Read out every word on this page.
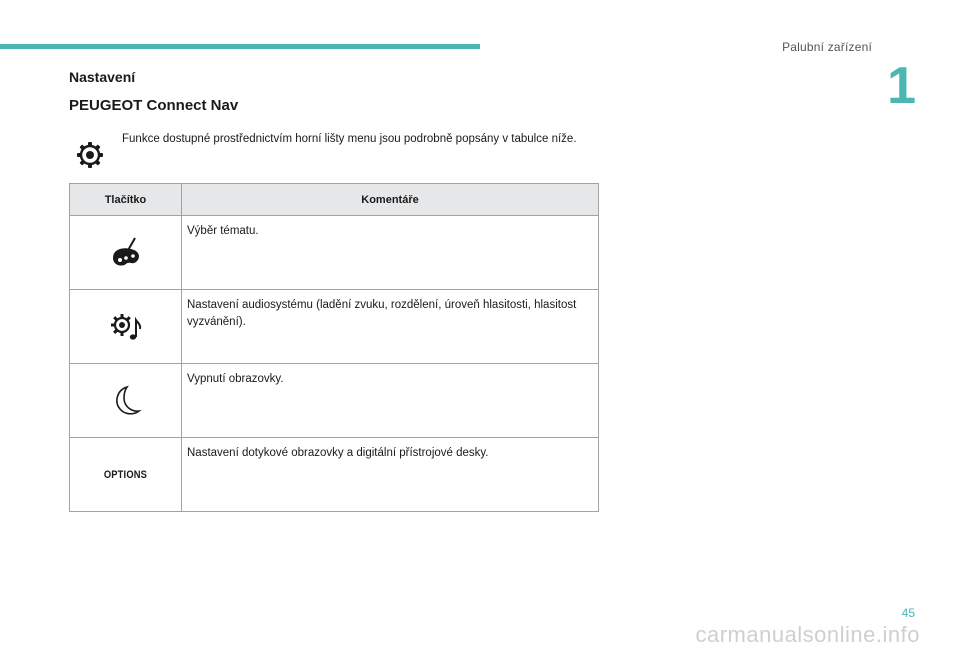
Palubní zařízení
1
Nastavení
PEUGEOT Connect Nav
Funkce dostupné prostřednictvím horní lišty menu jsou podrobně popsány v tabulce níže.
Tlačítko	Komentáře
	Výběr tématu.
	Nastavení audiosystému (ladění zvuku, rozdělení, úroveň hlasitosti, hlasitost vyzvánění).
	Vypnutí obrazovky.
OPTIONS	Nastavení dotykové obrazovky a digitální přístrojové desky.
45
carmanualsonline.info
